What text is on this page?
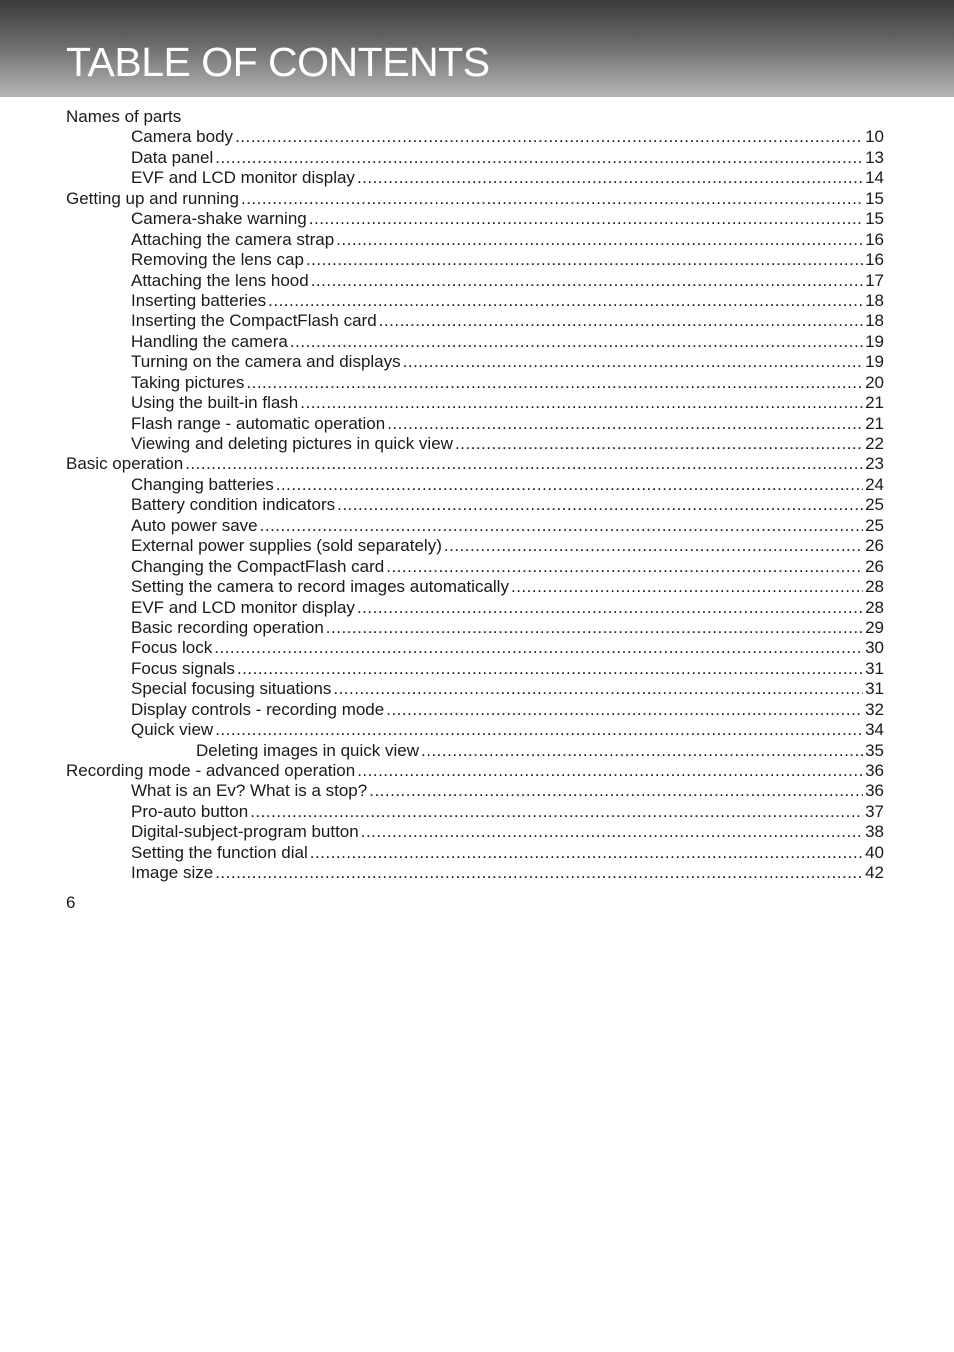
TABLE OF CONTENTS
Names of parts
Camera body .....	10
Data panel .....	13
EVF and LCD monitor display .....	14
Getting up and running .....	15
Camera-shake warning .....	15
Attaching the camera strap .....	16
Removing the lens cap .....	16
Attaching the lens hood .....	17
Inserting batteries .....	18
Inserting the CompactFlash card .....	18
Handling the camera .....	19
Turning on the camera and displays .....	19
Taking pictures .....	20
Using the built-in flash .....	21
Flash range - automatic operation .....	21
Viewing and deleting pictures in quick view .....	22
Basic operation .....	23
Changing batteries .....	24
Battery condition indicators .....	25
Auto power save .....	25
External power supplies (sold separately) .....	26
Changing the CompactFlash card .....	26
Setting the camera to record images automatically .....	28
EVF and LCD monitor display .....	28
Basic recording operation .....	29
Focus lock .....	30
Focus signals .....	31
Special focusing situations .....	31
Display controls - recording mode .....	32
Quick view .....	34
Deleting images in quick view .....	35
Recording mode - advanced operation .....	36
What is an Ev? What is a stop? .....	36
Pro-auto button .....	37
Digital-subject-program button .....	38
Setting the function dial .....	40
Image size .....	42
6
